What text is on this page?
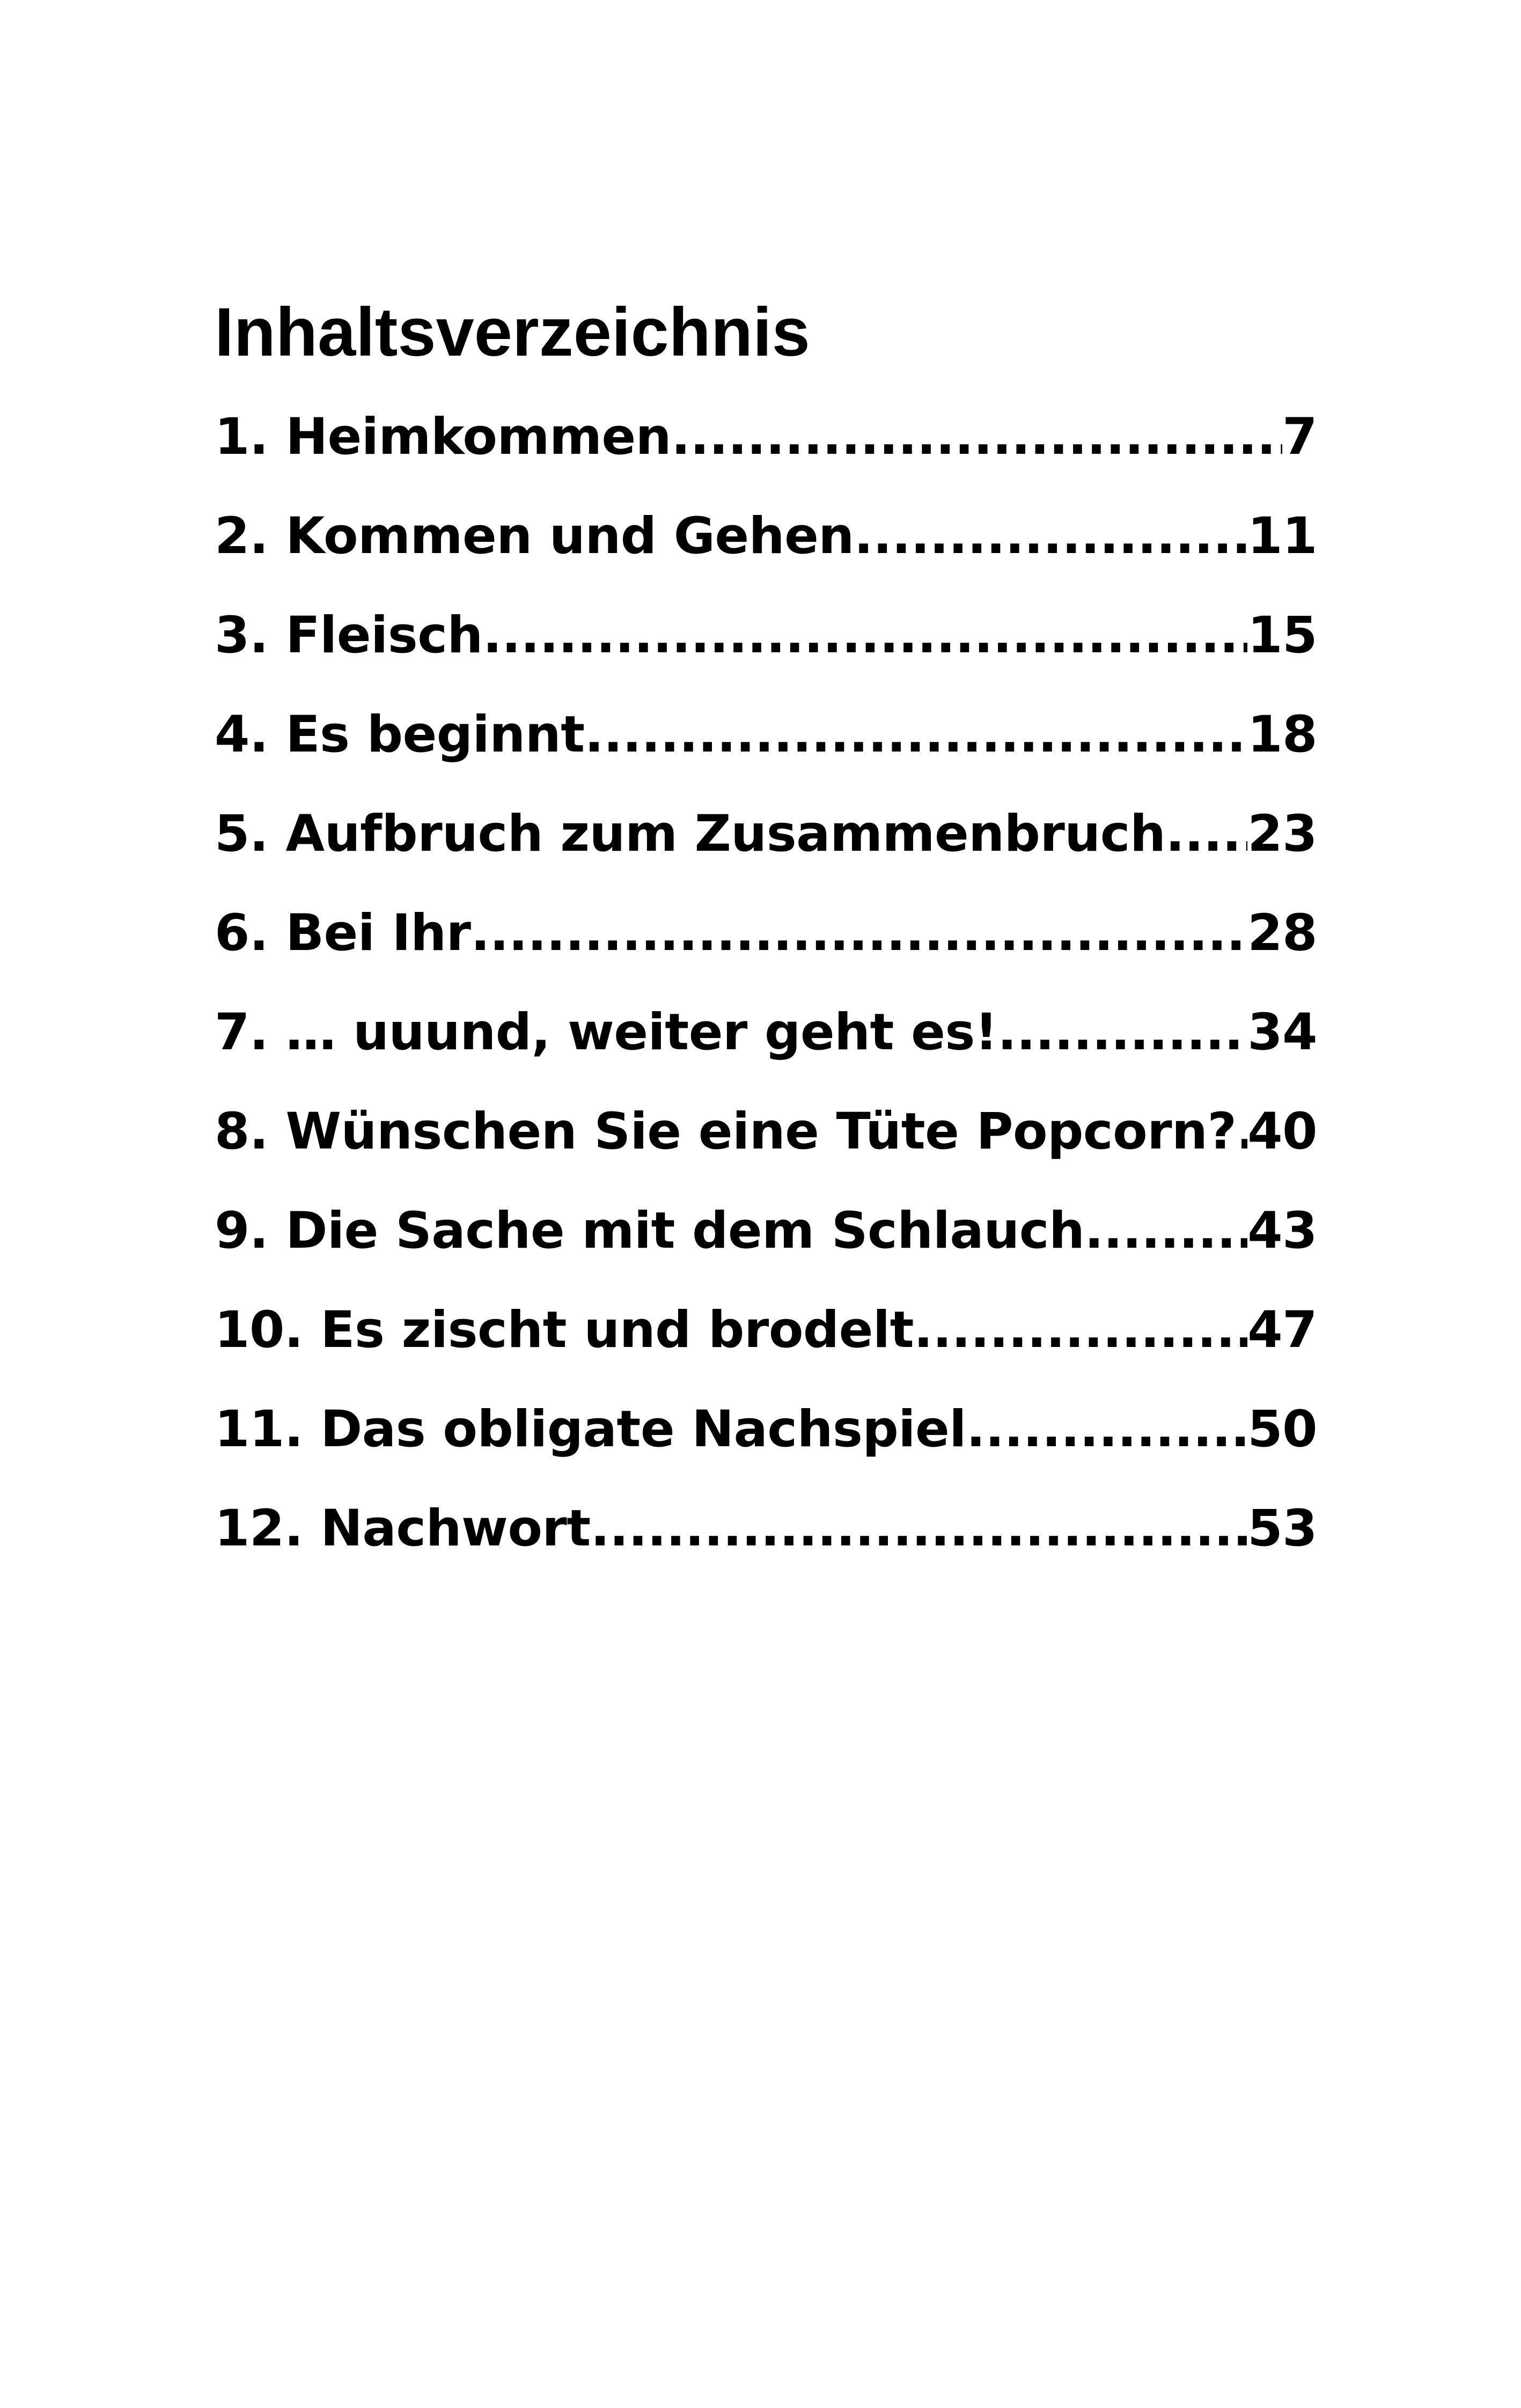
Inhaltsverzeichnis
1. Heimkommen .....	7
2. Kommen und Gehen .....	11
3. Fleisch .....	15
4. Es beginnt .....	18
5. Aufbruch zum Zusammenbruch ..... 23
6. Bei Ihr .....	28
7. … uuund, weiter geht es! .....	34
8. Wünschen Sie eine Tüte Popcorn? ..... 40
9. Die Sache mit dem Schlauch .....	43
10. Es zischt und brodelt .....	47
11. Das obligate Nachspiel .....	50
12. Nachwort .....	53
